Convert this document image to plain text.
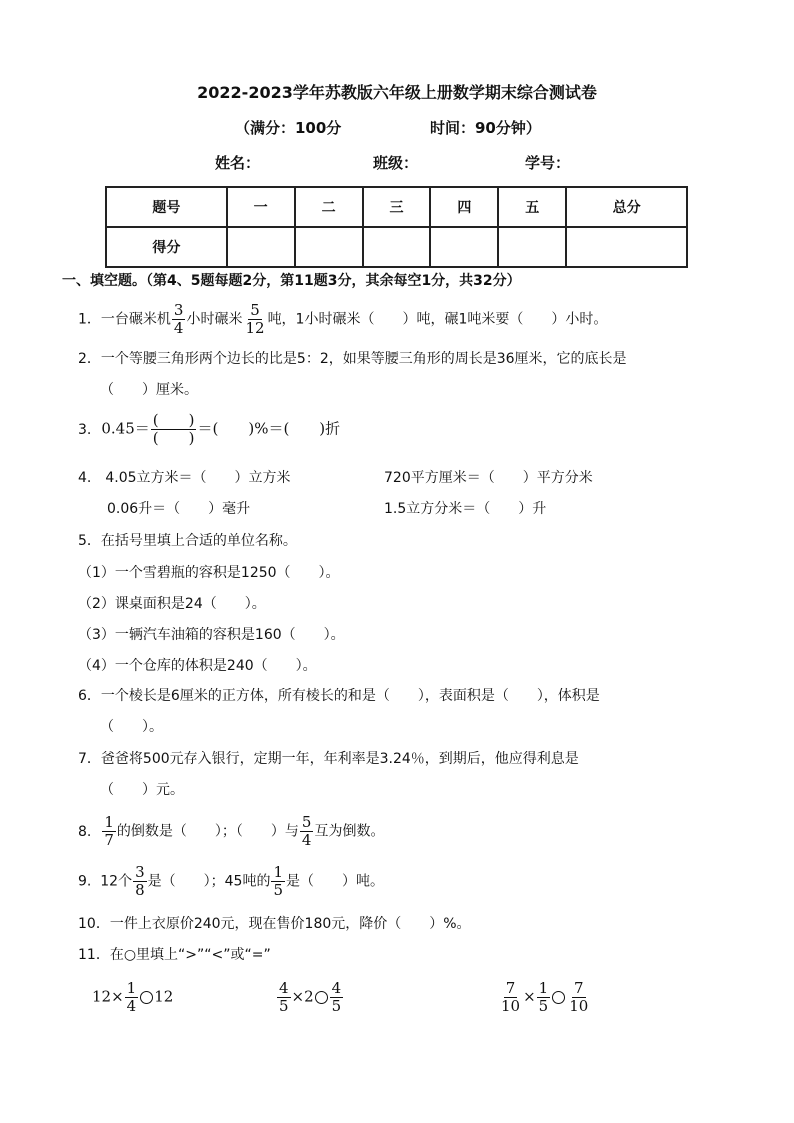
2022-2023学年苏教版六年级上册数学期末综合测试卷
（满分：100分	时间：90分钟）
姓名：	班级：	学号：
题号	一	二	三	四	五	总分
得分						
一、填空题。（第4、5题每题2分，第11题3分，其余每空1分，共32分）
1．一台碾米机 $\frac{3}{4}$ 小时碾米 $\frac{5}{12}$ 吨，1小时碾米（　　）吨，碾1吨米要（　　）小时。
2．一个等腰三角形两个边长的比是5：2，如果等腰三角形的周长是36厘米，它的底长是
（　　）厘米。
3. $0.45= \frac{( )}{( )}$ ＝(　　)%＝(　　)折
4.　4.05立方米＝（　　）立方米	720平方厘米＝（　　）平方分米
0.06升＝（　　）毫升	1.5立方分米＝（　　）升
5．在括号里填上合适的单位名称。
（1）一个雪碧瓶的容积是1250（　　）。
（2）课桌面积是24（　　）。
（3）一辆汽车油箱的容积是160（　　）。
（4）一个仓库的体积是240（　　）。
6．一个棱长是6厘米的正方体，所有棱长的和是（　　），表面积是（　　），体积是
（　　）。
7．爸爸将500元存入银行，定期一年，年利率是3.24％，到期后，他应得利息是
（　　）元。
8. $\frac{1}{7}$ 的倒数是（　　）；（　　）与 $\frac{5}{4}$ 互为倒数。
9.  12个 $\frac{3}{8}$ 是（　　）；45吨的 $\frac{1}{5}$ 是（　　）吨。
10．一件上衣原价240元，现在售价180元，降价（　　）%。
11．在○里填上“>”“<”或“=”
$12\times \frac{1}{4} 12$	$\frac{4}{5} \times 2 \frac{4}{5}$	$\frac{7}{10} \times \frac{1}{5} \frac{7}{10}$
